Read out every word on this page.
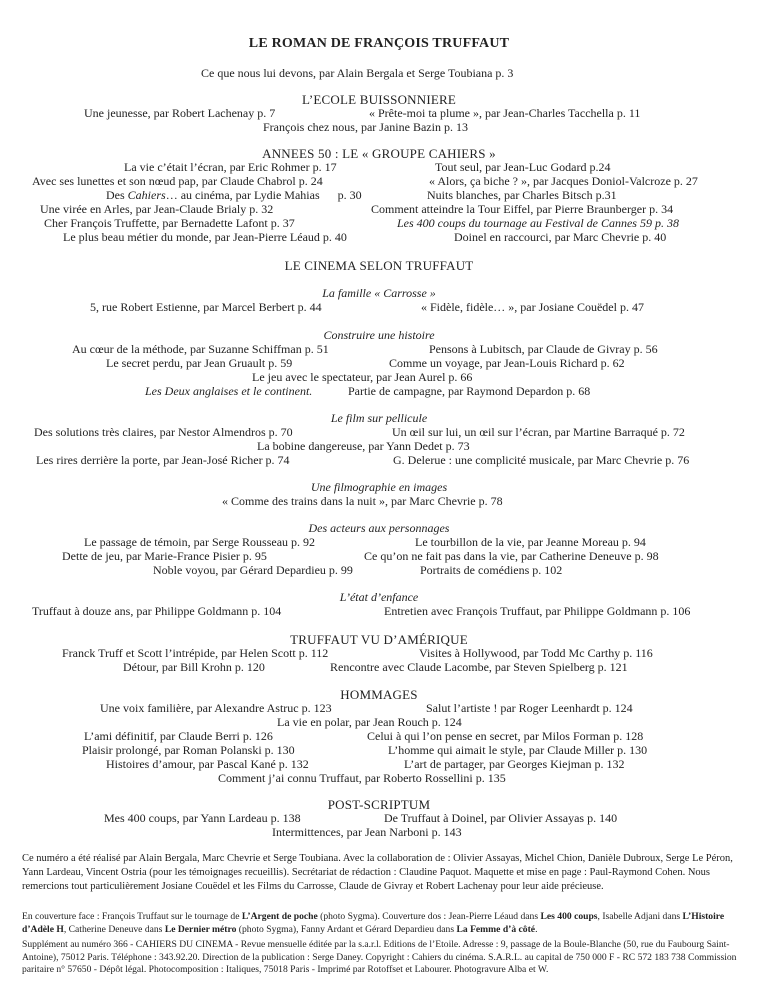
LE ROMAN DE FRANÇOIS TRUFFAUT
Ce que nous lui devons, par Alain Bergala et Serge Toubiana p. 3
L’ECOLE BUISSONNIERE
Une jeunesse, par Robert Lachenay p. 7	« Prête-moi ta plume », par Jean-Charles Tacchella p. 11
François chez nous, par Janine Bazin p. 13
ANNEES 50 : LE « GROUPE CAHIERS »
La vie c’était l’écran, par Eric Rohmer p. 17	Tout seul, par Jean-Luc Godard p.24
Avec ses lunettes et son nœud pap, par Claude Chabrol p. 24	« Alors, ça biche ? », par Jacques Doniol-Valcroze p. 27
Des Cahiers… au cinéma, par Lydie Mahias      p. 30	Nuits blanches, par Charles Bitsch p.31
Une virée en Arles, par Jean-Claude Brialy p. 32	Comment atteindre la Tour Eiffel, par Pierre Braunberger p. 34
Cher François Truffette, par Bernadette Lafont p. 37	Les 400 coups du tournage au Festival de Cannes 59 p. 38
Le plus beau métier du monde, par Jean-Pierre Léaud p. 40	Doinel en raccourci, par Marc Chevrie p. 40
LE CINEMA SELON TRUFFAUT
La famille « Carrosse »
5, rue Robert Estienne, par Marcel Berbert p. 44	« Fidèle, fidèle… », par Josiane Couëdel p. 47
Construire une histoire
Au cœur de la méthode, par Suzanne Schiffman p. 51	Pensons à Lubitsch, par Claude de Givray p. 56
Le secret perdu, par Jean Gruault p. 59	Comme un voyage, par Jean-Louis Richard p. 62
Le jeu avec le spectateur, par Jean Aurel p. 66
Les Deux anglaises et le continent.	Partie de campagne, par Raymond Depardon p. 68
Le film sur pellicule
Des solutions très claires, par Nestor Almendros p. 70	Un œil sur lui, un œil sur l’écran, par Martine Barraqué p. 72
La bobine dangereuse, par Yann Dedet p. 73
Les rires derrière la porte, par Jean-José Richer p. 74	G. Delerue : une complicité musicale, par Marc Chevrie p. 76
Une filmographie en images
« Comme des trains dans la nuit », par Marc Chevrie p. 78
Des acteurs aux personnages
Le passage de témoin, par Serge Rousseau p. 92	Le tourbillon de la vie, par Jeanne Moreau p. 94
Dette de jeu, par Marie-France Pisier p. 95	Ce qu’on ne fait pas dans la vie, par Catherine Deneuve p. 98
Noble voyou, par Gérard Depardieu p. 99	Portraits de comédiens p. 102
L’état d’enfance
Truffaut à douze ans, par Philippe Goldmann p. 104	Entretien avec François Truffaut, par Philippe Goldmann p. 106
TRUFFAUT VU D’AMÉRIQUE
Franck Truff et Scott l’intrépide, par Helen Scott p. 112	Visites à Hollywood, par Todd Mc Carthy p. 116
Détour, par Bill Krohn p. 120	Rencontre avec Claude Lacombe, par Steven Spielberg p. 121
HOMMAGES
Une voix familière, par Alexandre Astruc p. 123	Salut l’artiste ! par Roger Leenhardt p. 124
La vie en polar, par Jean Rouch p. 124
L’ami définitif, par Claude Berri p. 126	Celui à qui l’on pense en secret, par Milos Forman p. 128
Plaisir prolongé, par Roman Polanski p. 130	L’homme qui aimait le style, par Claude Miller p. 130
Histoires d’amour, par Pascal Kané p. 132	L’art de partager, par Georges Kiejman p. 132
Comment j’ai connu Truffaut, par Roberto Rossellini p. 135
POST-SCRIPTUM
Mes 400 coups, par Yann Lardeau p. 138	De Truffaut à Doinel, par Olivier Assayas p. 140
Intermittences, par Jean Narboni p. 143
Ce numéro a été réalisé par Alain Bergala, Marc Chevrie et Serge Toubiana. Avec la collaboration de : Olivier Assayas, Michel Chion, Danièle Dubroux, Serge Le Péron, Yann Lardeau, Vincent Ostria (pour les témoignages recueillis). Secrétariat de rédaction : Claudine Paquot. Maquette et mise en page : Paul-Raymond Cohen. Nous remercions tout particulièrement Josiane Couëdel et les Films du Carrosse, Claude de Givray et Robert Lachenay pour leur aide précieuse.
En couverture face : François Truffaut sur le tournage de L’Argent de poche (photo Sygma). Couverture dos : Jean-Pierre Léaud dans Les 400 coups, Isabelle Adjani dans L’Histoire d’Adèle H, Catherine Deneuve dans Le Dernier métro (photo Sygma), Fanny Ardant et Gérard Depardieu dans La Femme d’à côté.
Supplément au numéro 366 - CAHIERS DU CINEMA - Revue mensuelle éditée par la s.a.r.l. Editions de l’Etoile. Adresse : 9, passage de la Boule-Blanche (50, rue du Faubourg Saint-Antoine), 75012 Paris. Téléphone : 343.92.20. Direction de la publication : Serge Daney. Copyright : Cahiers du cinéma. S.A.R.L. au capital de 750 000 F - RC 572 183 738 Commission paritaire n° 57650 - Dépôt légal. Photocomposition : Italiques, 75018 Paris - Imprimé par Rotoffset et Labourer. Photogravure Alba et W.
